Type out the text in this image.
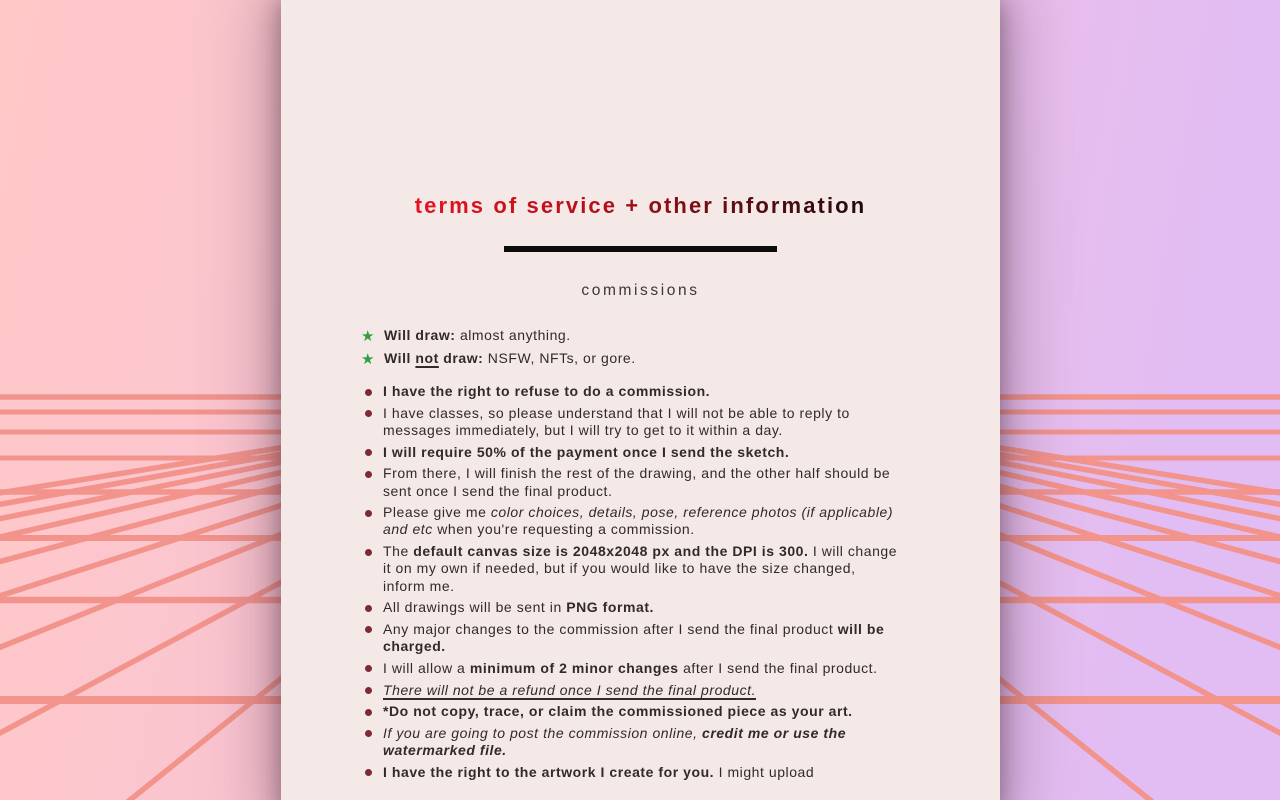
terms of service + other information
commissions
★ Will draw: almost anything.
★ Will not draw: NSFW, NFTs, or gore.
I have the right to refuse to do a commission.
I have classes, so please understand that I will not be able to reply to messages immediately, but I will try to get to it within a day.
I will require 50% of the payment once I send the sketch.
From there, I will finish the rest of the drawing, and the other half should be sent once I send the final product.
Please give me color choices, details, pose, reference photos (if applicable) and etc when you're requesting a commission.
The default canvas size is 2048x2048 px and the DPI is 300. I will change it on my own if needed, but if you would like to have the size changed, inform me.
All drawings will be sent in PNG format.
Any major changes to the commission after I send the final product will be charged.
I will allow a minimum of 2 minor changes after I send the final product.
There will not be a refund once I send the final product.
*Do not copy, trace, or claim the commissioned piece as your art.
If you are going to post the commission online, credit me or use the watermarked file.
I have the right to the artwork I create for you. I might upload
